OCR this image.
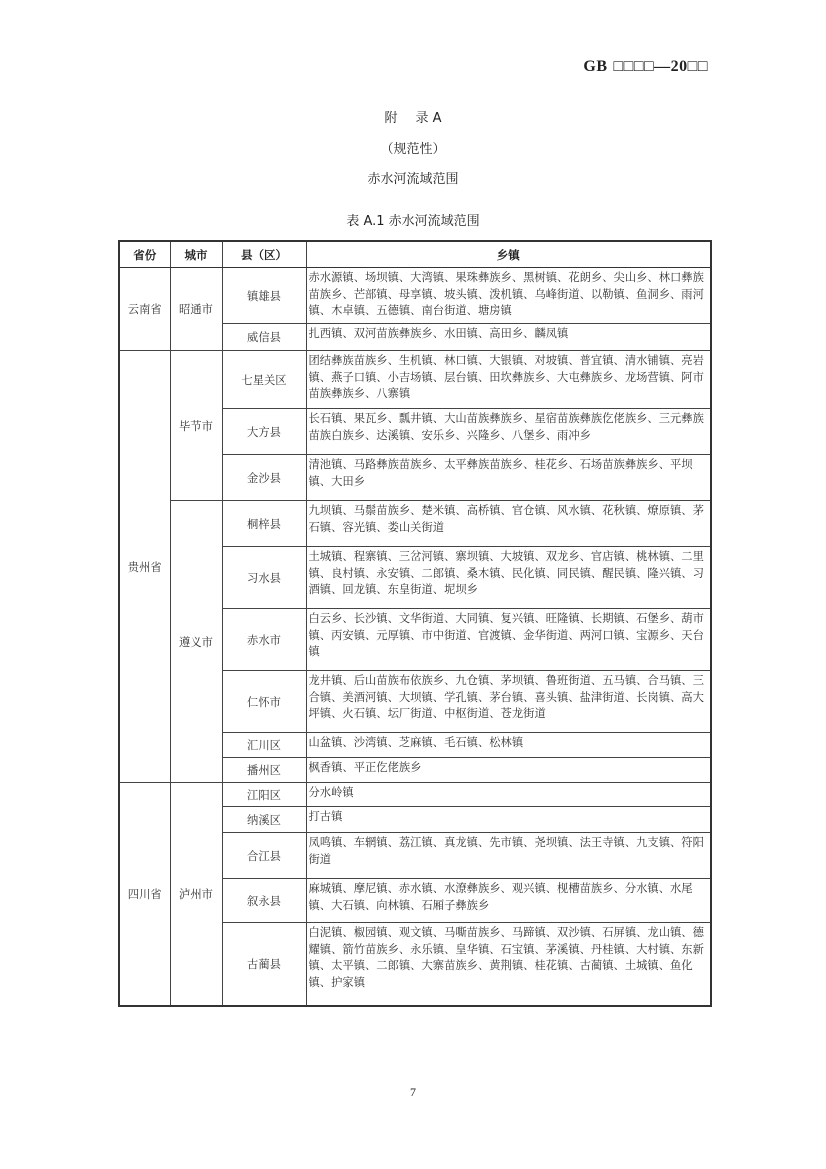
GB □□□□—20□□
附 录 A
（规范性）
赤水河流域范围
表 A.1 赤水河流域范围
省份	城市	县（区）	乡镇
云南省	昭通市	镇雄县	赤水源镇、场坝镇、大湾镇、果珠彝族乡、黑树镇、花朗乡、尖山乡、林口彝族苗族乡、芒部镇、母享镇、坡头镇、泼机镇、乌峰街道、以勒镇、鱼洞乡、雨河镇、木卓镇、五德镇、南台街道、塘房镇
		威信县	扎西镇、双河苗族彝族乡、水田镇、高田乡、麟凤镇
贵州省	毕节市	七星关区	团结彝族苗族乡、生机镇、林口镇、大银镇、对坡镇、普宜镇、清水铺镇、亮岩镇、燕子口镇、小吉场镇、层台镇、田坎彝族乡、大屯彝族乡、龙场营镇、阿市苗族彝族乡、八寨镇
		大方县	长石镇、果瓦乡、瓢井镇、大山苗族彝族乡、星宿苗族彝族仡佬族乡、三元彝族苗族白族乡、达溪镇、安乐乡、兴隆乡、八堡乡、雨冲乡
		金沙县	清池镇、马路彝族苗族乡、太平彝族苗族乡、桂花乡、石场苗族彝族乡、平坝镇、大田乡
	遵义市	桐梓县	九坝镇、马鬃苗族乡、楚米镇、高桥镇、官仓镇、风水镇、花秋镇、燎原镇、茅石镇、容光镇、娄山关街道
		习水县	土城镇、程寨镇、三岔河镇、寨坝镇、大坡镇、双龙乡、官店镇、桃林镇、二里镇、良村镇、永安镇、二郎镇、桑木镇、民化镇、同民镇、醒民镇、隆兴镇、习酒镇、回龙镇、东皇街道、坭坝乡
		赤水市	白云乡、长沙镇、文华街道、大同镇、复兴镇、旺隆镇、长期镇、石堡乡、葫市镇、丙安镇、元厚镇、市中街道、官渡镇、金华街道、两河口镇、宝源乡、天台镇
		仁怀市	龙井镇、后山苗族布依族乡、九仓镇、茅坝镇、鲁班街道、五马镇、合马镇、三合镇、美酒河镇、大坝镇、学孔镇、茅台镇、喜头镇、盐津街道、长岗镇、高大坪镇、火石镇、坛厂街道、中枢街道、苍龙街道
		汇川区	山盆镇、沙湾镇、芝麻镇、毛石镇、松林镇
		播州区	枫香镇、平正仡佬族乡
四川省	泸州市	江阳区	分水岭镇
		纳溪区	打古镇
		合江县	凤鸣镇、车辋镇、荔江镇、真龙镇、先市镇、尧坝镇、法王寺镇、九支镇、符阳街道
		叙永县	麻城镇、摩尼镇、赤水镇、水潦彝族乡、观兴镇、枧槽苗族乡、分水镇、水尾镇、大石镇、向林镇、石厢子彝族乡
		古蔺县	白泥镇、椒园镇、观文镇、马嘶苗族乡、马蹄镇、双沙镇、石屏镇、龙山镇、德耀镇、箭竹苗族乡、永乐镇、皇华镇、石宝镇、茅溪镇、丹桂镇、大村镇、东新镇、太平镇、二郎镇、大寨苗族乡、黄荆镇、桂花镇、古蔺镇、土城镇、鱼化镇、护家镇
7
